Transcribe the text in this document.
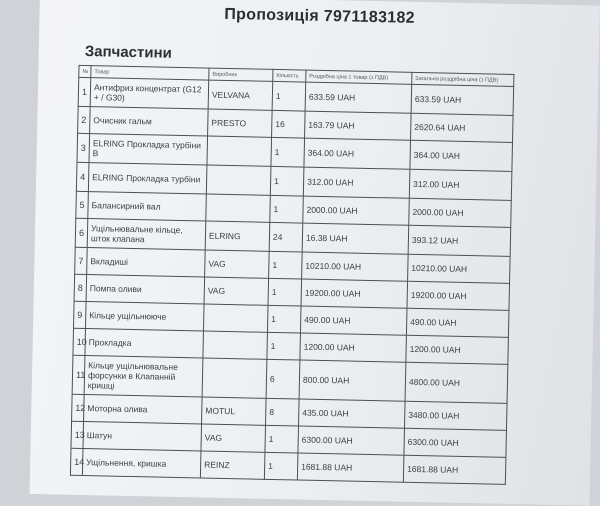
Пропозиція 7971183182
Запчастини
№	Товар	Виробник	Кількість	Роздрібна ціна 1 товар (з ПДВ)	Загальна роздрібна ціна (з ПДВ)
1	Антифриз концентрат (G12 + / G30)	VELVANA	1	633.59 UAH	633.59 UAH
2	Очисник гальм	PRESTO	16	163.79 UAH	2620.64 UAH
3	ELRING Прокладка турбіни B		1	364.00 UAH	364.00 UAH
4	ELRING Прокладка турбіни		1	312.00 UAH	312.00 UAH
5	Балансирний вал		1	2000.00 UAH	2000.00 UAH
6	Ущільнювальне кільце, шток клапана	ELRING	24	16.38 UAH	393.12 UAH
7	Вкладиші	VAG	1	10210.00 UAH	10210.00 UAH
8	Помпа оливи	VAG	1	19200.00 UAH	19200.00 UAH
9	Кільце ущільнююче		1	490.00 UAH	490.00 UAH
10	Прокладка		1	1200.00 UAH	1200.00 UAH
11	Кільце ущільнювальне форсунки в Клапанній кришці		6	800.00 UAH	4800.00 UAH
12	Моторна олива	MOTUL	8	435.00 UAH	3480.00 UAH
13	Шатун	VAG	1	6300.00 UAH	6300.00 UAH
14	Ущільнення, кришка	REINZ	1	1681.88 UAH	1681.88 UAH
